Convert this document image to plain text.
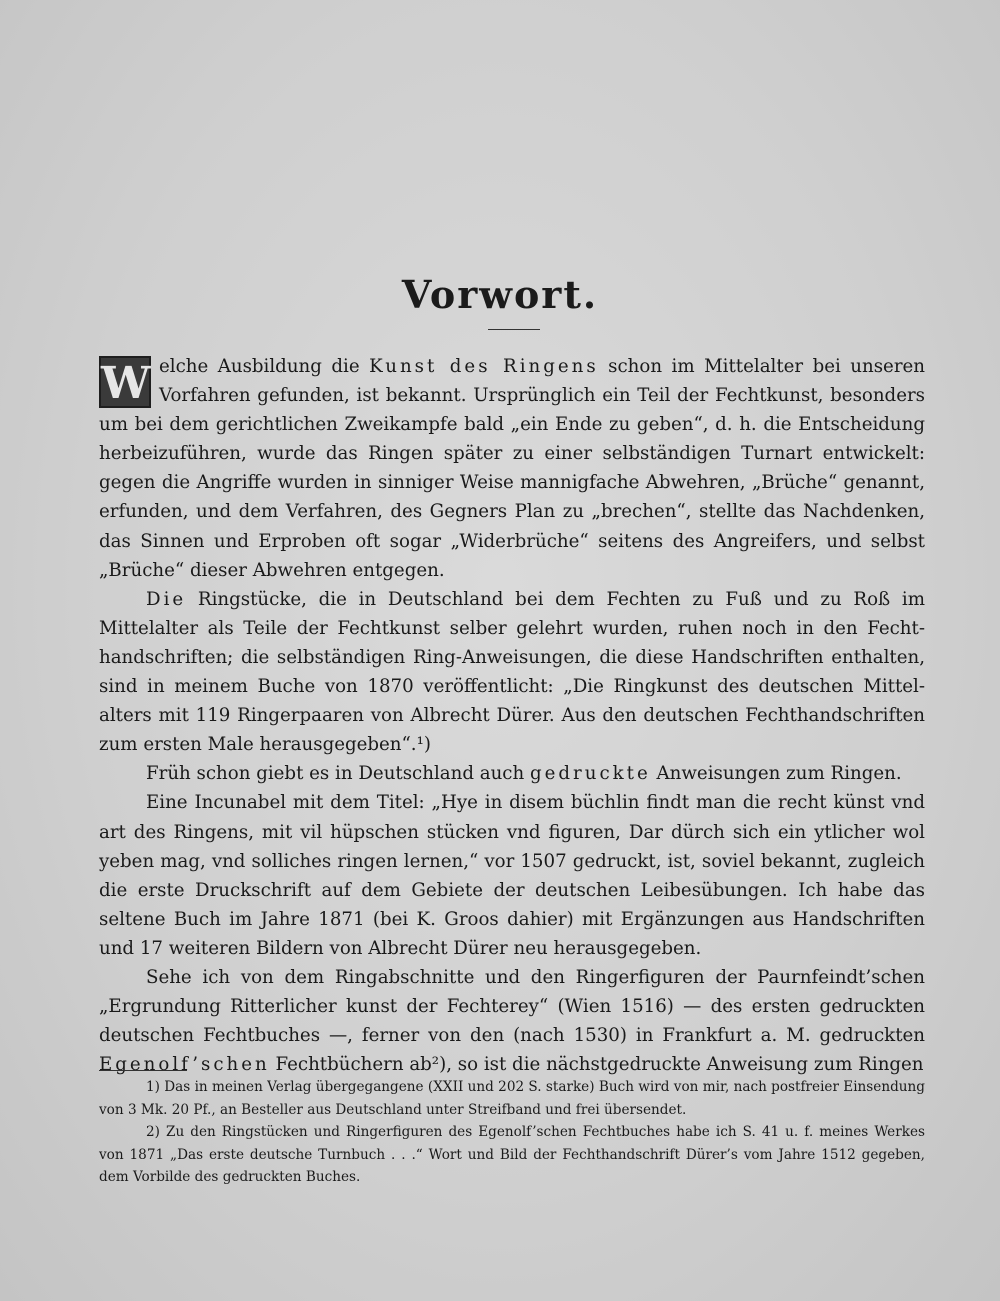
Vorwort.

W elche Ausbildung die Kunst des Ringens schon im Mittelalter bei unseren Vorfahren gefunden, ist bekannt. Ursprünglich ein Teil der Fechtkunst, besonders um bei dem gerichtlichen Zweikampfe bald „ein Ende zu geben“, d. h. die Entscheidung herbeizuführen, wurde das Ringen später zu einer selbständigen Turnart entwickelt: gegen die Angriffe wurden in sinniger Weise mannigfache Abwehren, „Brüche“ genannt, erfunden, und dem Verfahren, des Gegners Plan zu „brechen“, stellte das Nachdenken, das Sinnen und Erproben oft sogar „Widerbrüche“ seitens des Angreifers, und selbst „Brüche“ dieser Abwehren entgegen.

Die Ringstücke, die in Deutschland bei dem Fechten zu Fuß und zu Roß im Mittelalter als Teile der Fechtkunst selber gelehrt wurden, ruhen noch in den Fechthandschriften; die selbständigen Ring-Anweisungen, die diese Handschriften enthalten, sind in meinem Buche von 1870 veröffentlicht: „Die Ringkunst des deutschen Mittelalters mit 119 Ringerpaaren von Albrecht Dürer. Aus den deutschen Fechthandschriften zum ersten Male herausgegeben“.¹)

Früh schon giebt es in Deutschland auch gedruckte Anweisungen zum Ringen.

Eine Incunabel mit dem Titel: „Hye in disem büchlin findt man die recht künst vnd art des Ringens, mit vil hüpschen stücken vnd figuren, Dar dürch sich ein ytlicher wol yeben mag, vnd solliches ringen lernen,“ vor 1507 gedruckt, ist, soviel bekannt, zugleich die erste Druckschrift auf dem Gebiete der deutschen Leibesübungen. Ich habe das seltene Buch im Jahre 1871 (bei K. Groos dahier) mit Ergänzungen aus Handschriften und 17 weiteren Bildern von Albrecht Dürer neu herausgegeben.

Sehe ich von dem Ringabschnitte und den Ringerfiguren der Paurnfeindt’schen „Ergrundung Ritterlicher kunst der Fechterey“ (Wien 1516) — des ersten gedruckten deutschen Fechtbuches —, ferner von den (nach 1530) in Frankfurt a. M. gedruckten Egenolf’schen Fechtbüchern ab²), so ist die nächstgedruckte Anweisung zum Ringen

1) Das in meinen Verlag übergegangene (XXII und 202 S. starke) Buch wird von mir, nach postfreier Einsendung von 3 Mk. 20 Pf., an Besteller aus Deutschland unter Streifband und frei übersendet.

2) Zu den Ringstücken und Ringerfiguren des Egenolf’schen Fechtbuches habe ich S. 41 u. f. meines Werkes von 1871 „Das erste deutsche Turnbuch . . .“ Wort und Bild der Fechthandschrift Dürer’s vom Jahre 1512 gegeben, dem Vorbilde des gedruckten Buches.
